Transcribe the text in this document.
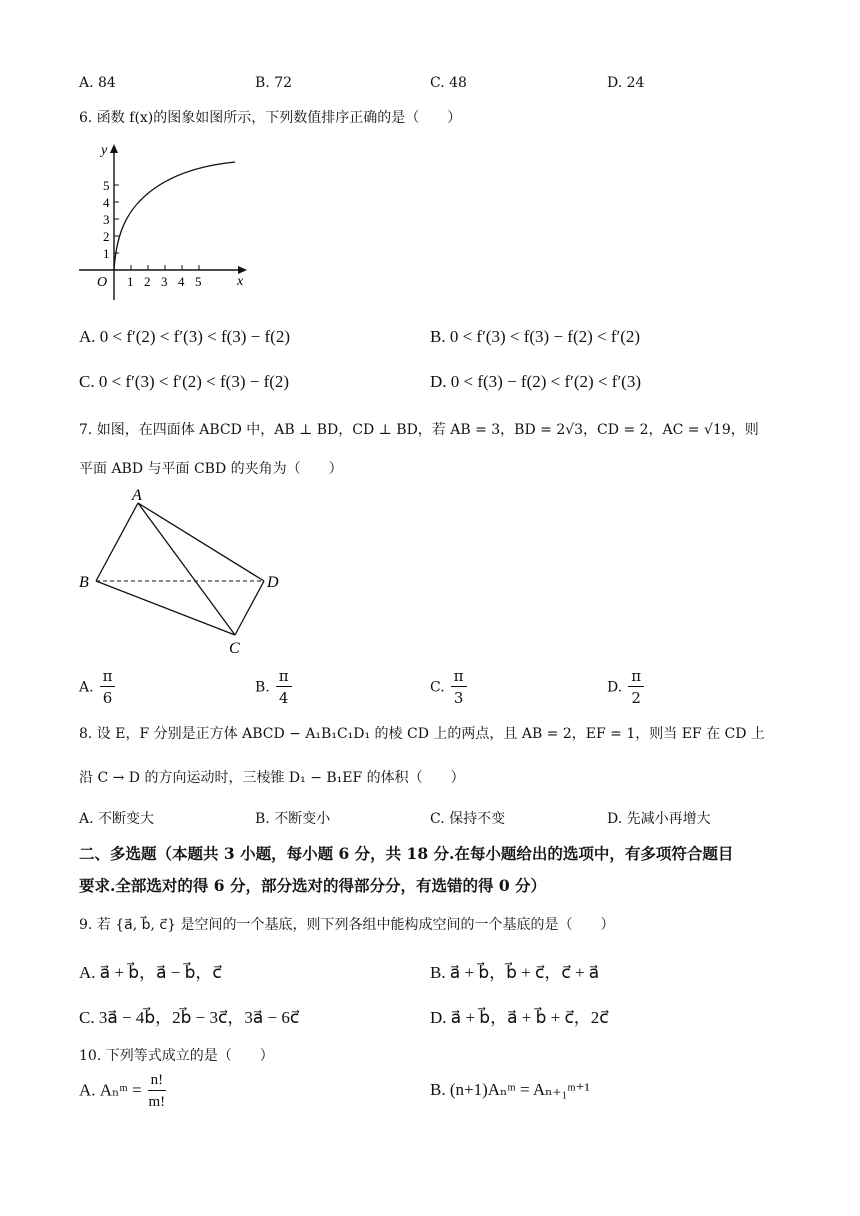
A. 84	B. 72	C. 48	D. 24
6. 函数 f(x)的图象如图所示，下列数值排序正确的是（　　）
y
x
O
1
2
3
4
5
1 2 3 4 5
A. 0 < f′(2) < f′(3) < f(3) − f(2)	B. 0 < f′(3) < f(3) − f(2) < f′(2)
C. 0 < f′(3) < f′(2) < f(3) − f(2)	D. 0 < f(3) − f(2) < f′(2) < f′(3)
7. 如图，在四面体 ABCD 中，AB ⊥ BD，CD ⊥ BD，若 AB = 3，BD = 2√3，CD = 2，AC = √19，则
平面 ABD 与平面 CBD 的夹角为（　　）
A
B	D
C
A. $\frac{\pi}{6}$	B. $\frac{\pi}{4}$	C. $\frac{\pi}{3}$	D. $\frac{\pi}{2}$
8. 设 E，F 分别是正方体 ABCD − A₁B₁C₁D₁ 的棱 CD 上的两点，且 AB = 2，EF = 1，则当 EF 在 CD 上
沿 C → D 的方向运动时，三棱锥 D₁ − B₁EF 的体积（　　）
A. 不断变大	B. 不断变小	C. 保持不变	D. 先减小再增大
二、多选题（本题共 3 小题，每小题 6 分，共 18 分.在每小题给出的选项中，有多项符合题目
要求.全部选对的得 6 分，部分选对的得部分分，有选错的得 0 分）
9. 若 {a⃗, b⃗, c⃗} 是空间的一个基底，则下列各组中能构成空间的一个基底的是（　　）
A. a⃗ + b⃗，a⃗ − b⃗，c⃗	B. a⃗ + b⃗，b⃗ + c⃗，c⃗ + a⃗
C. 3a⃗ − 4b⃗，2b⃗ − 3c⃗，3a⃗ − 6c⃗	D. a⃗ + b⃗，a⃗ + b⃗ + c⃗，2c⃗
10. 下列等式成立的是（　　）
A. Aₙᵐ = $\frac{n!}{m!}$	B. (n+1)Aₙᵐ = Aₙ₊₁ᵐ⁺¹
